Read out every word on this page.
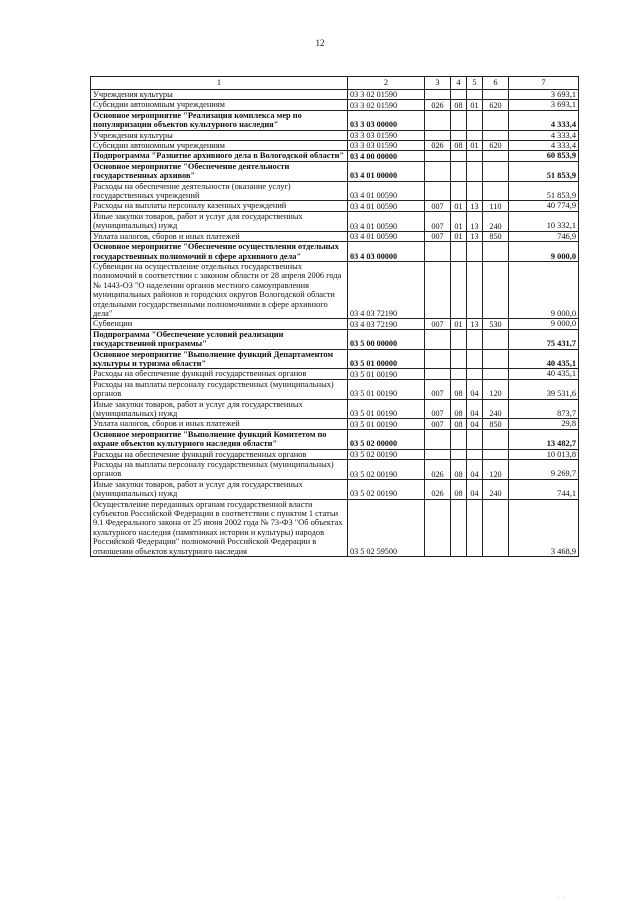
12
1	2	3	4	5	6	7
Учреждения культуры	03 3 02 01590					3 693,1
Субсидии автономным учреждениям	03 3 02 01590	026	08	01	620	3 693,1
Основное мероприятие "Реализация комплекса мер по популяризации объектов культурного наследия"	03 3 03 00000					4 333,4
Учреждения культуры	03 3 03 01590					4 333,4
Субсидии автономным учреждениям	03 3 03 01590	026	08	01	620	4 333,4
Подпрограмма "Развитие архивного дела в Вологодской области"	03 4 00 00000					60 853,9
Основное мероприятие "Обеспечение деятельности государственных архивов"	03 4 01 00000					51 853,9
Расходы на обеспечение деятельности (оказание услуг) государственных учреждений	03 4 01 00590					51 853,9
Расходы на выплаты персоналу казенных учреждений	03 4 01 00590	007	01	13	110	40 774,9
Иные закупки товаров, работ и услуг для государственных (муниципальных) нужд	03 4 01 00590	007	01	13	240	10 332,1
Уплата налогов, сборов и иных платежей	03 4 01 00590	007	01	13	850	746,9
Основное мероприятие "Обеспечение осуществления отдельных государственных полномочий в сфере архивного дела"	03 4 03 00000					9 000,0
Субвенции на осуществление отдельных государственных полномочий в соответствии с законом области от 28 апреля 2006 года № 1443-ОЗ "О наделении органов местного самоуправления муниципальных районов и городских округов Вологодской области отдельными государственными полномочиями в сфере архивного дела"	03 4 03 72190					9 000,0
Субвенции	03 4 03 72190	007	01	13	530	9 000,0
Подпрограмма "Обеспечение условий реализации государственной программы"	03 5 00 00000					75 431,7
Основное мероприятие "Выполнение функций Департаментом культуры и туризма области"	03 5 01 00000					40 435,1
Расходы на обеспечение функций государственных органов	03 5 01 00190					40 435,1
Расходы на выплаты персоналу государственных (муниципальных) органов	03 5 01 00190	007	08	04	120	39 531,6
Иные закупки товаров, работ и услуг для государственных (муниципальных) нужд	03 5 01 00190	007	08	04	240	873,7
Уплата налогов, сборов и иных платежей	03 5 01 00190	007	08	04	850	29,8
Основное мероприятие "Выполнение функций Комитетом по охране объектов культурного наследия области"	03 5 02 00000					13 482,7
Расходы на обеспечение функций государственных органов	03 5 02 00190					10 013,8
Расходы на выплаты персоналу государственных (муниципальных) органов	03 5 02 00190	026	08	04	120	9 269,7
Иные закупки товаров, работ и услуг для государственных (муниципальных) нужд	03 5 02 00190	026	08	04	240	744,1
Осуществление переданных органам государственной власти субъектов Российской Федерации в соответствии с пунктом 1 статьи 9.1 Федерального закона от 25 июня 2002 года № 73-ФЗ "Об объектах культурного наследия (памятниках истории и культуры) народов Российской Федерации" полномочий Российской Федерации в отношении объектов культурного наследия	03 5 02 59500					3 468,9
· ·
